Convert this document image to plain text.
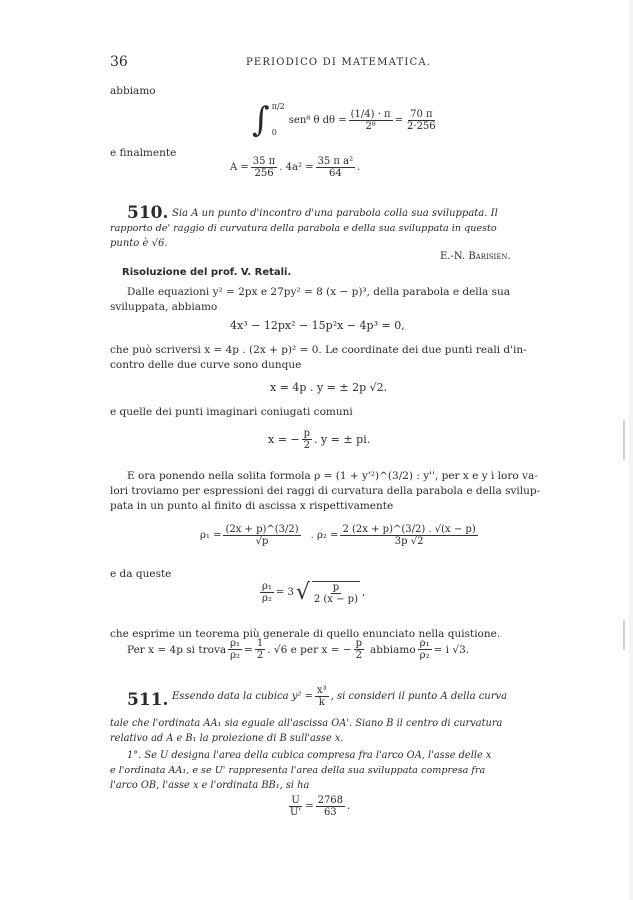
36	PERIODICO DI MATEMATICA.
abbiamo
∫ π/2
0
sen⁸ θ $d\theta = \frac{(1/4) \cdot \pi}{\text{2⁸}} = \frac{70 \pi}{2\cdot 256}$
e finalmente
$A = \frac{35 \pi}{256}$ . $4a^2 = \frac{\text{35 π a²}}{64}$ .
510. Sia A un punto d'incontro d'una parabola colla sua sviluppata. Il
rapporto de' raggio di curvatura della parabola e della sua sviluppata in questo
punto è √6.
E.-N. Barisien.
Risoluzione del prof. V. Retali.
Dalle equazioni y² = 2px e 27py² = 8 (x − p)³, della parabola e della sua
sviluppata, abbiamo
4x³ − 12px² − 15p²x − 4p³ = 0,
che può scriversi x = 4p . (2x + p)² = 0. Le coordinate dei due punti reali d'in-
contro delle due curve sono dunque
x = 4p . y = ± 2p √2.
e quelle dei punti imaginari coniugati comuni
x = − $\frac{p}{2}$ . y = ± pi.
E ora ponendo nella solita formola ρ = (1 + y'²)^(3/2) : y'', per x e y i loro va-
lori troviamo per espressioni dei raggi di curvatura della parabola e della svilup-
pata in un punto al finito di ascissa x rispettivamente
$\rho_1 = \frac{(2x + p)\^{}(3/2)}{√p}$ . $\rho_2 = \frac{2 (2x + p)\^{}(3/2) . √(x - p)}{3p √2}$
e da queste
$\frac{\text{ρ₁}}{\text{ρ₂}} = 3$ √ $\frac{p}{2 (x - p)}$ ,
che esprime un teorema più generale di quello enunciato nella quistione.
Per x = 4p si trova $\frac{\text{ρ₁}}{\text{ρ₂}} = \frac{1}{2}$ . √6 e per x = − $\frac{p}{2}$ abbiamo $\frac{\text{ρ₁}}{\text{ρ₂}} = i$ √3.
511. Essendo data la cubica $y^2 = \frac{\text{x³}}{k}$ , si consideri il punto A della curva
tale che l'ordinata AA₁ sia eguale all'ascissa OA'. Siano B il centro di curvatura
relativo ad A e B₁ la proiezione di B sull'asse x.
1°. Se U designa l'area della cubica compresa fra l'arco OA, l'asse delle x
e l'ordinata AA₁, e se U' rappresenta l'area della sua sviluppata compresa fra
l'arco OB, l'asse x e l'ordinata BB₁, si ha
$\frac{U}{U'} = \frac{2768}{63}$ .
